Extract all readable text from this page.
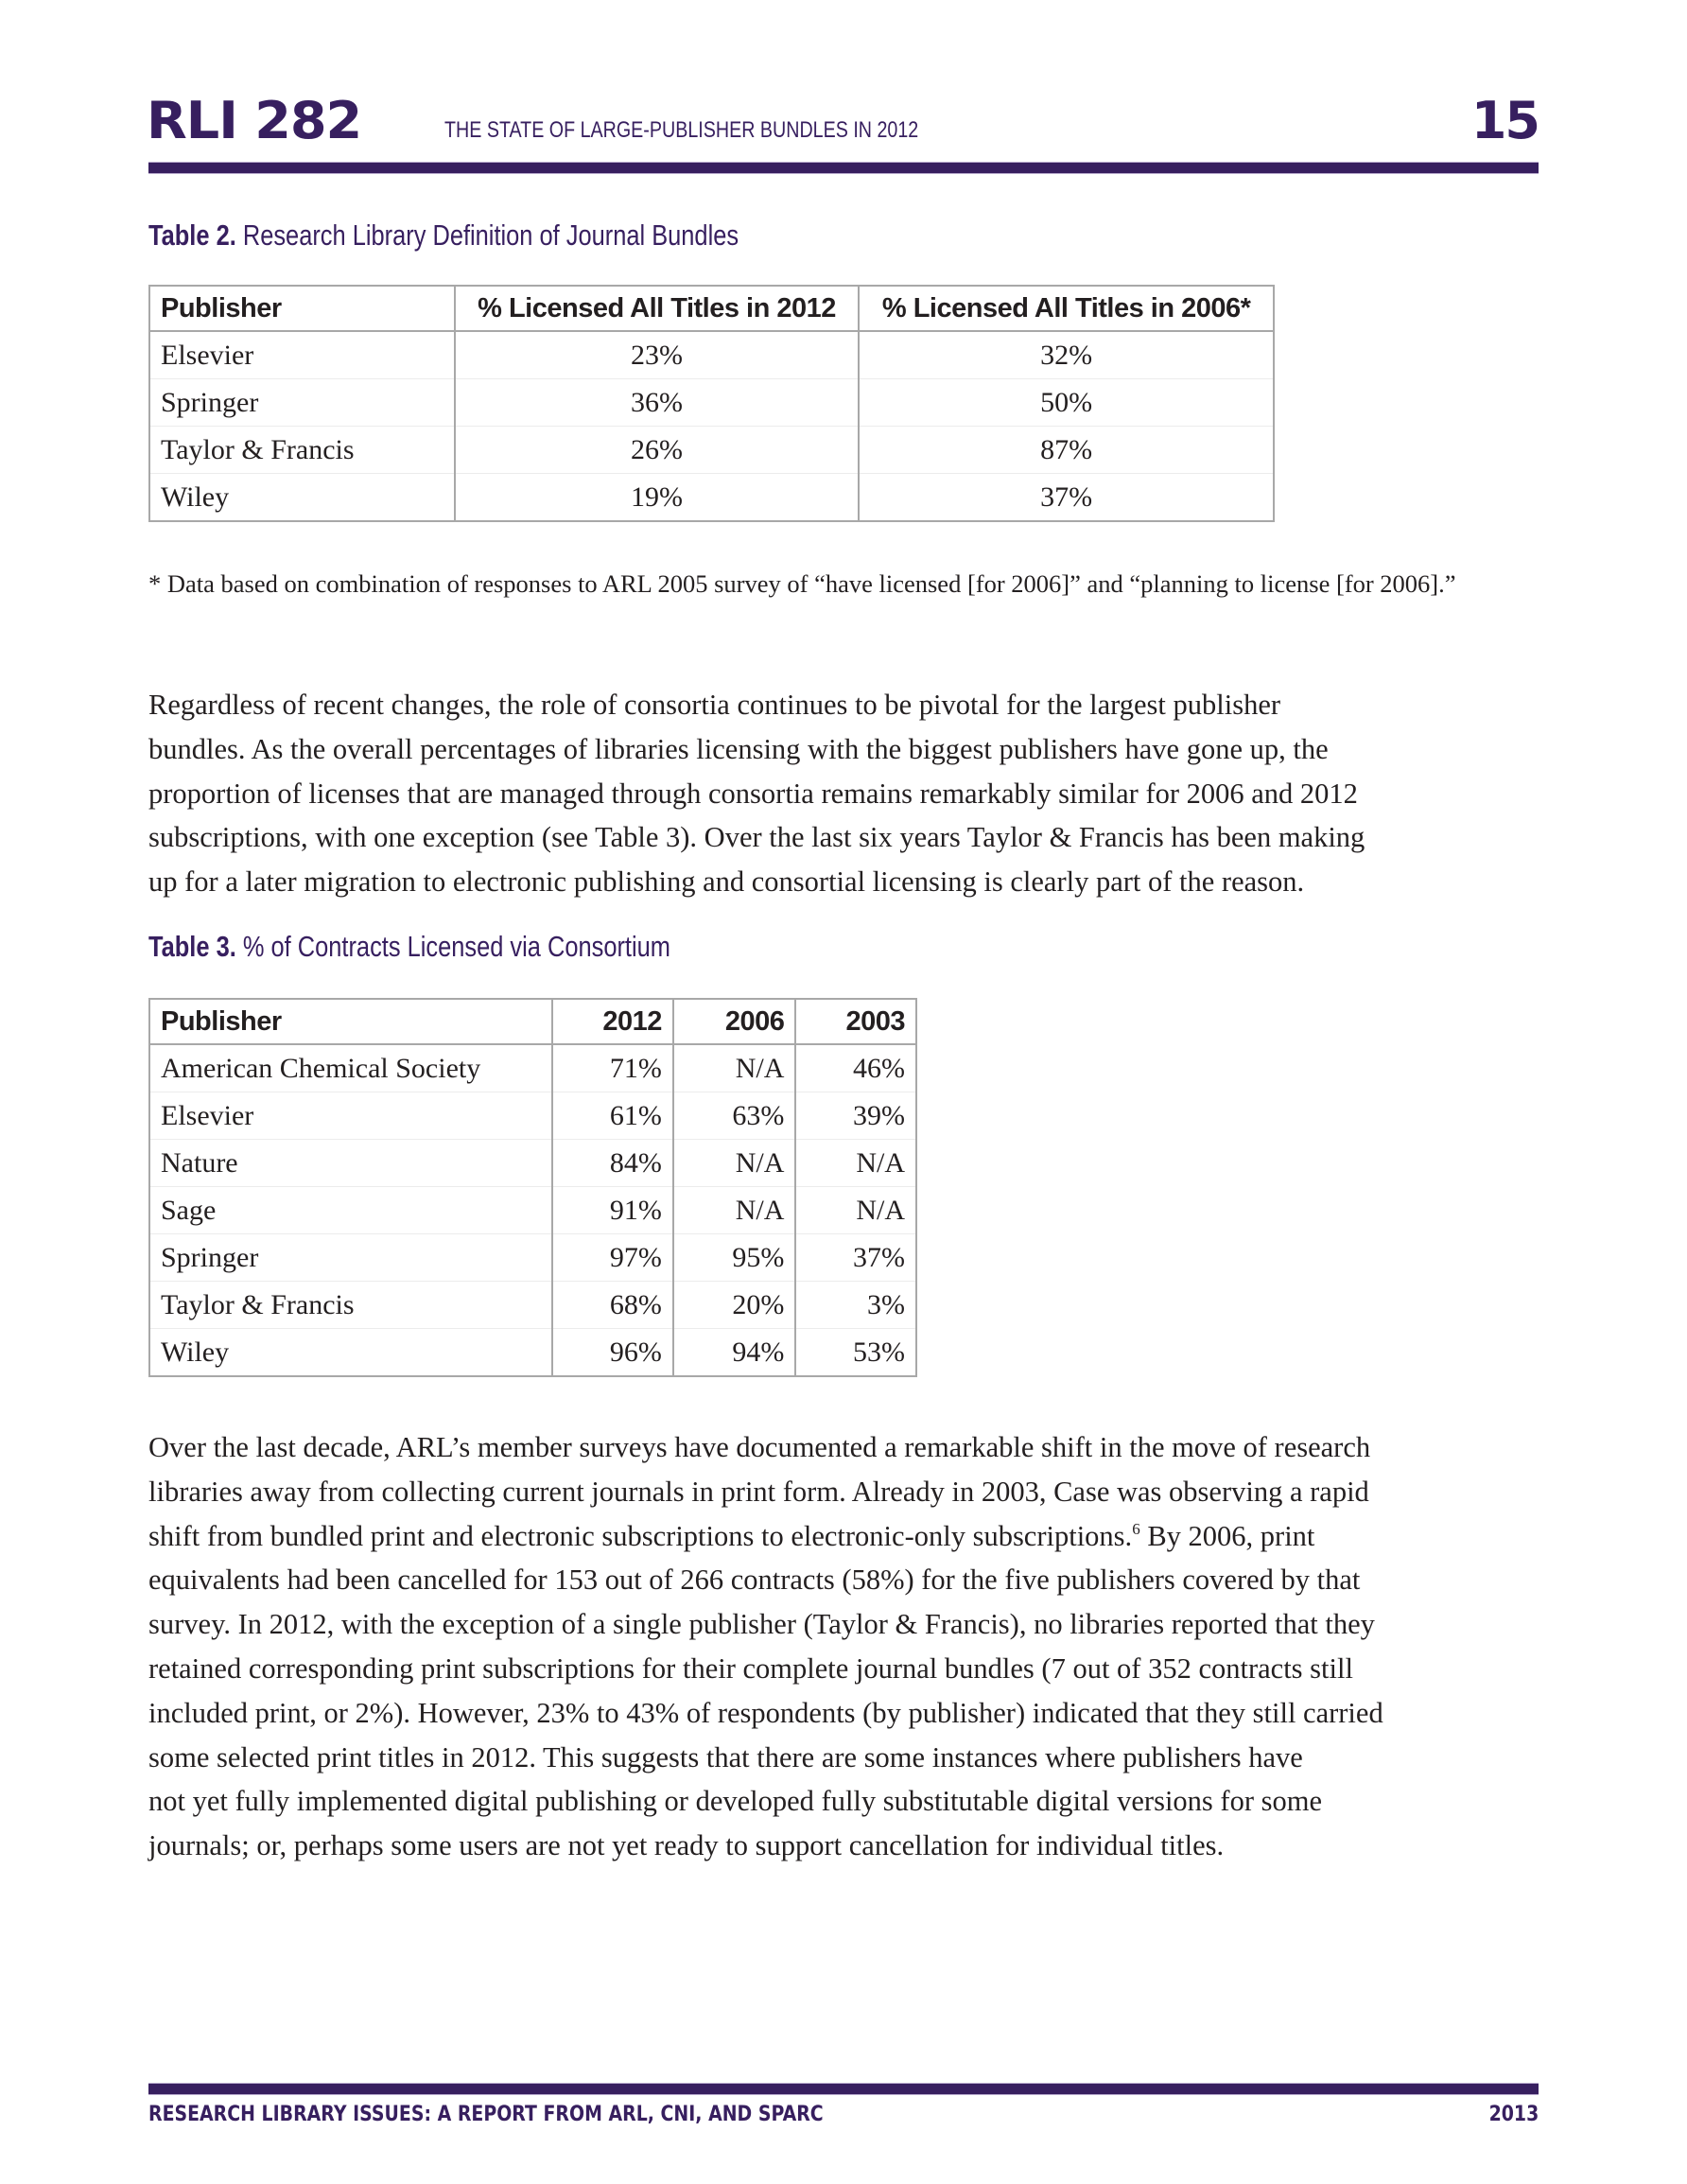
RLI 282	THE STATE OF LARGE-PUBLISHER BUNDLES IN 2012	15
Table 2. Research Library Definition of Journal Bundles
Publisher	% Licensed All Titles in 2012	% Licensed All Titles in 2006*
Elsevier	23%	32%
Springer	36%	50%
Taylor & Francis	26%	87%
Wiley	19%	37%
* Data based on combination of responses to ARL 2005 survey of “have licensed [for 2006]” and “planning to license [for 2006].”
Regardless of recent changes, the role of consortia continues to be pivotal for the largest publisher
bundles. As the overall percentages of libraries licensing with the biggest publishers have gone up, the
proportion of licenses that are managed through consortia remains remarkably similar for 2006 and 2012
subscriptions, with one exception (see Table 3). Over the last six years Taylor & Francis has been making
up for a later migration to electronic publishing and consortial licensing is clearly part of the reason.
Table 3. % of Contracts Licensed via Consortium
Publisher	2012	2006	2003
American Chemical Society	71%	N/A	46%
Elsevier	61%	63%	39%
Nature	84%	N/A	N/A
Sage	91%	N/A	N/A
Springer	97%	95%	37%
Taylor & Francis	68%	20%	3%
Wiley	96%	94%	53%
Over the last decade, ARL’s member surveys have documented a remarkable shift in the move of research
libraries away from collecting current journals in print form. Already in 2003, Case was observing a rapid
shift from bundled print and electronic subscriptions to electronic-only subscriptions.$^6$ By 2006, print
equivalents had been cancelled for 153 out of 266 contracts (58%) for the five publishers covered by that
survey. In 2012, with the exception of a single publisher (Taylor & Francis), no libraries reported that they
retained corresponding print subscriptions for their complete journal bundles (7 out of 352 contracts still
included print, or 2%). However, 23% to 43% of respondents (by publisher) indicated that they still carried
some selected print titles in 2012. This suggests that there are some instances where publishers have
not yet fully implemented digital publishing or developed fully substitutable digital versions for some
journals; or, perhaps some users are not yet ready to support cancellation for individual titles.
RESEARCH LIBRARY ISSUES: A REPORT FROM ARL, CNI, AND SPARC	2013
